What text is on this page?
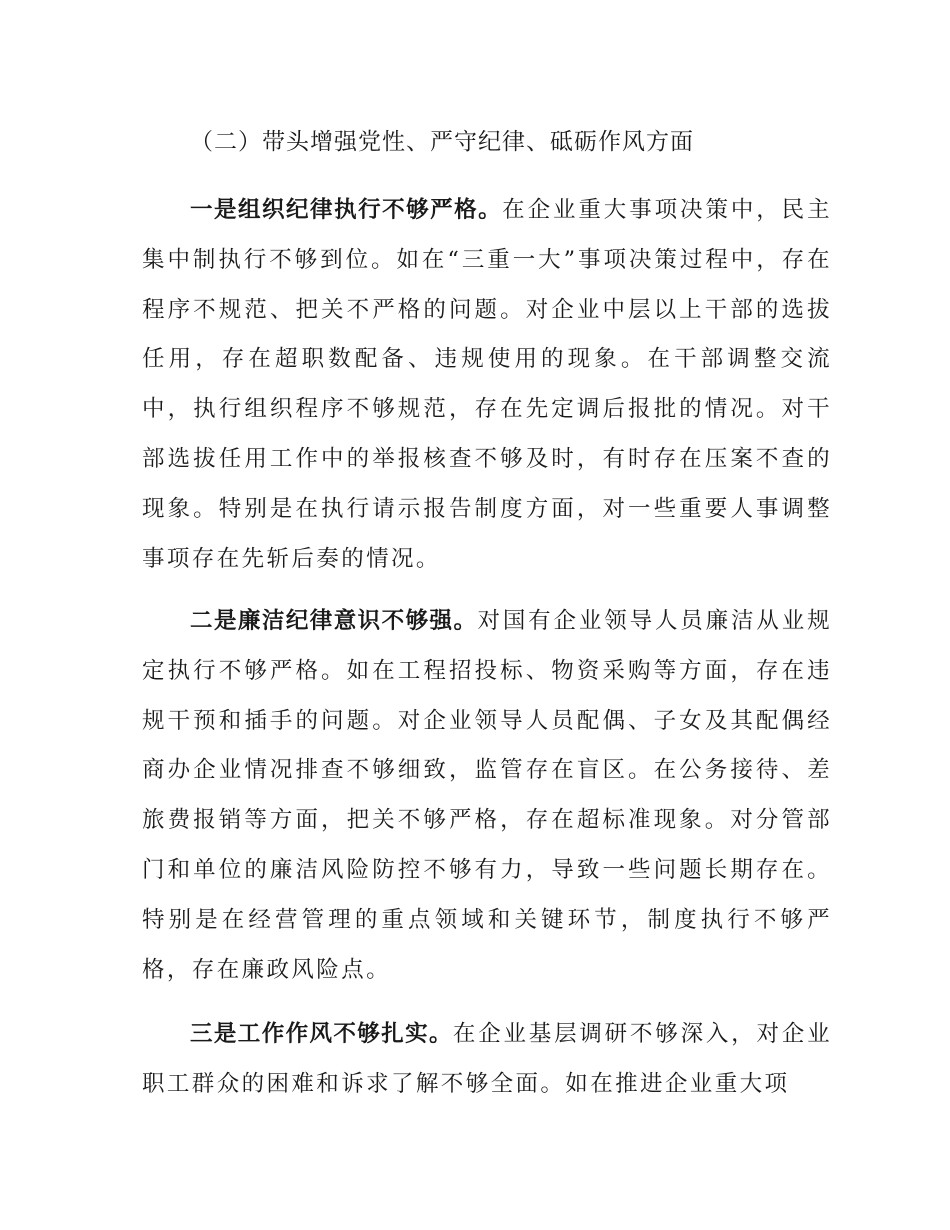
（二）带头增强党性、严守纪律、砥砺作风方面

一是组织纪律执行不够严格。在企业重大事项决策中，民主集中制执行不够到位。如在“三重一大”事项决策过程中，存在程序不规范、把关不严格的问题。对企业中层以上干部的选拔任用，存在超职数配备、违规使用的现象。在干部调整交流中，执行组织程序不够规范，存在先定调后报批的情况。对干部选拔任用工作中的举报核查不够及时，有时存在压案不查的现象。特别是在执行请示报告制度方面，对一些重要人事调整事项存在先斩后奏的情况。

二是廉洁纪律意识不够强。对国有企业领导人员廉洁从业规定执行不够严格。如在工程招投标、物资采购等方面，存在违规干预和插手的问题。对企业领导人员配偶、子女及其配偶经商办企业情况排查不够细致，监管存在盲区。在公务接待、差旅费报销等方面，把关不够严格，存在超标准现象。对分管部门和单位的廉洁风险防控不够有力，导致一些问题长期存在。特别是在经营管理的重点领域和关键环节，制度执行不够严格，存在廉政风险点。

三是工作作风不够扎实。在企业基层调研不够深入，对企业职工群众的困难和诉求了解不够全面。如在推进企业重大项
